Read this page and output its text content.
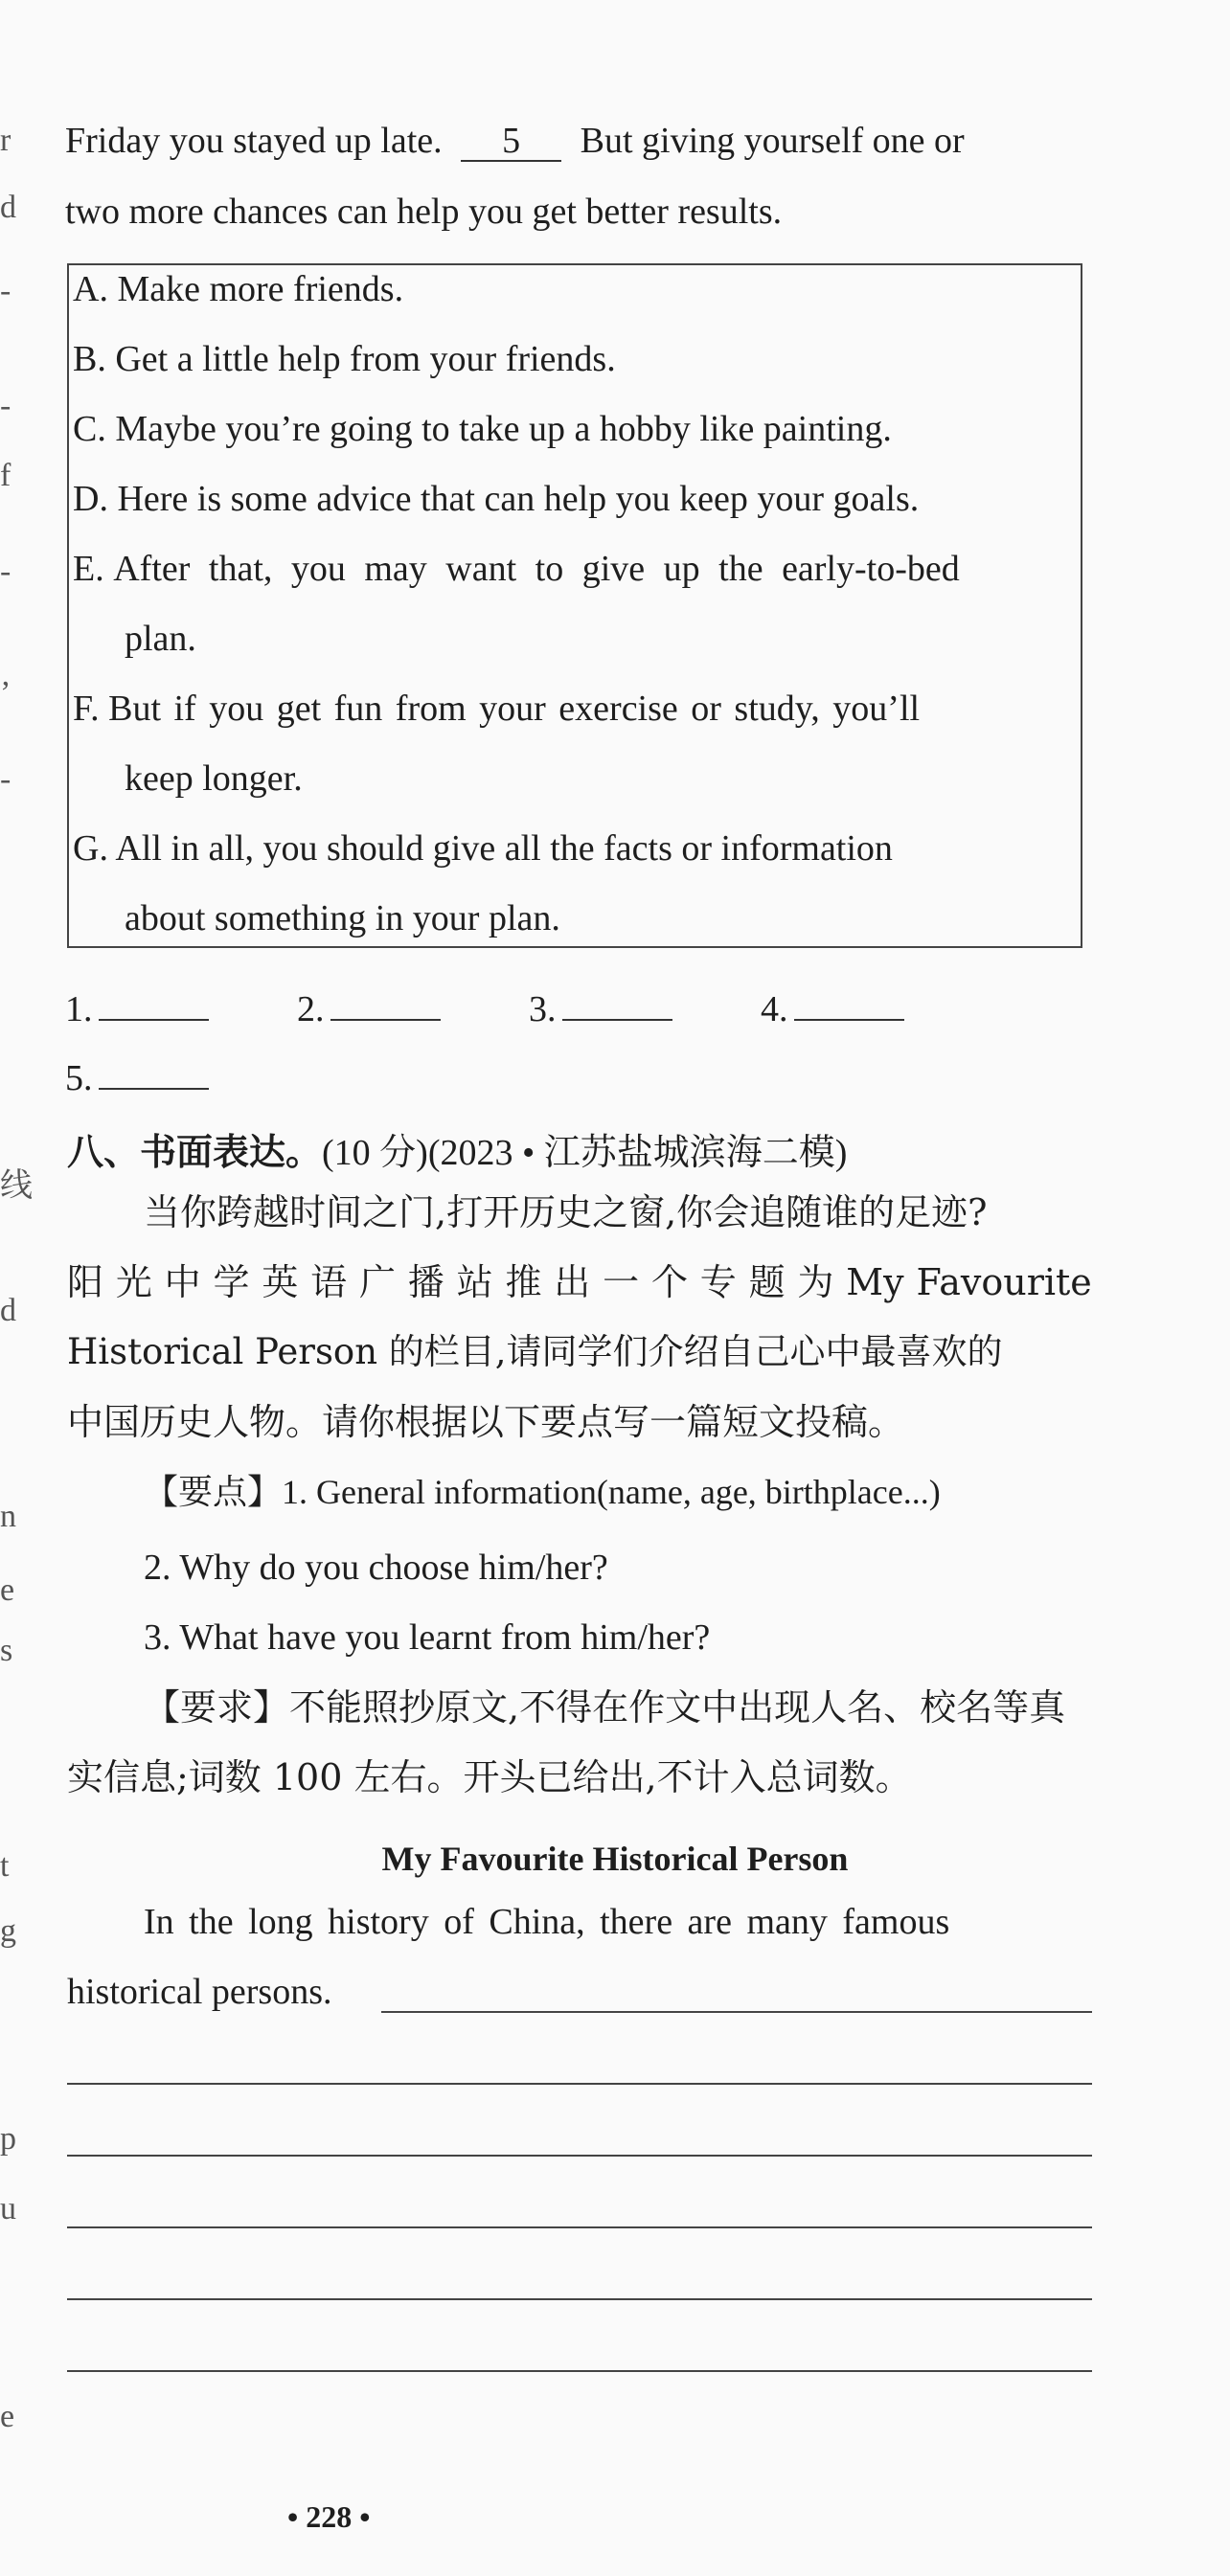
r
d
-
-
f
-
’
-
线
d
n
e
s
t
g
p
u
e
Friday you stayed up late. 5 But giving yourself one or
two more chances can help you get better results.
A. Make more friends.
B. Get a little help from your friends.
C. Maybe you’re going to take up a hobby like painting.
D. Here is some advice that can help you keep your goals.
E. After that, you may want to give up the early-to-bed
plan.
F. But if you get fun from your exercise or study, you’ll
keep longer.
G. All in all, you should give all the facts or information
about something in your plan.
1.	2.	3.	4.
5.
八、书面表达。(10 分)(2023 • 江苏盐城滨海二模)
当你跨越时间之门,打开历史之窗,你会追随谁的足迹?
阳 光 中 学 英 语 广 播 站 推 出 一 个 专 题 为 My Favourite
Historical Person 的栏目,请同学们介绍自己心中最喜欢的
中国历史人物。请你根据以下要点写一篇短文投稿。
【要点】1. General information(name, age, birthplace...)
2. Why do you choose him/her?
3. What have you learnt from him/her?
【要求】不能照抄原文,不得在作文中出现人名、校名等真
实信息;词数 100 左右。开头已给出,不计入总词数。
My Favourite Historical Person
In the long history of China, there are many famous
historical persons.
• 228 •
